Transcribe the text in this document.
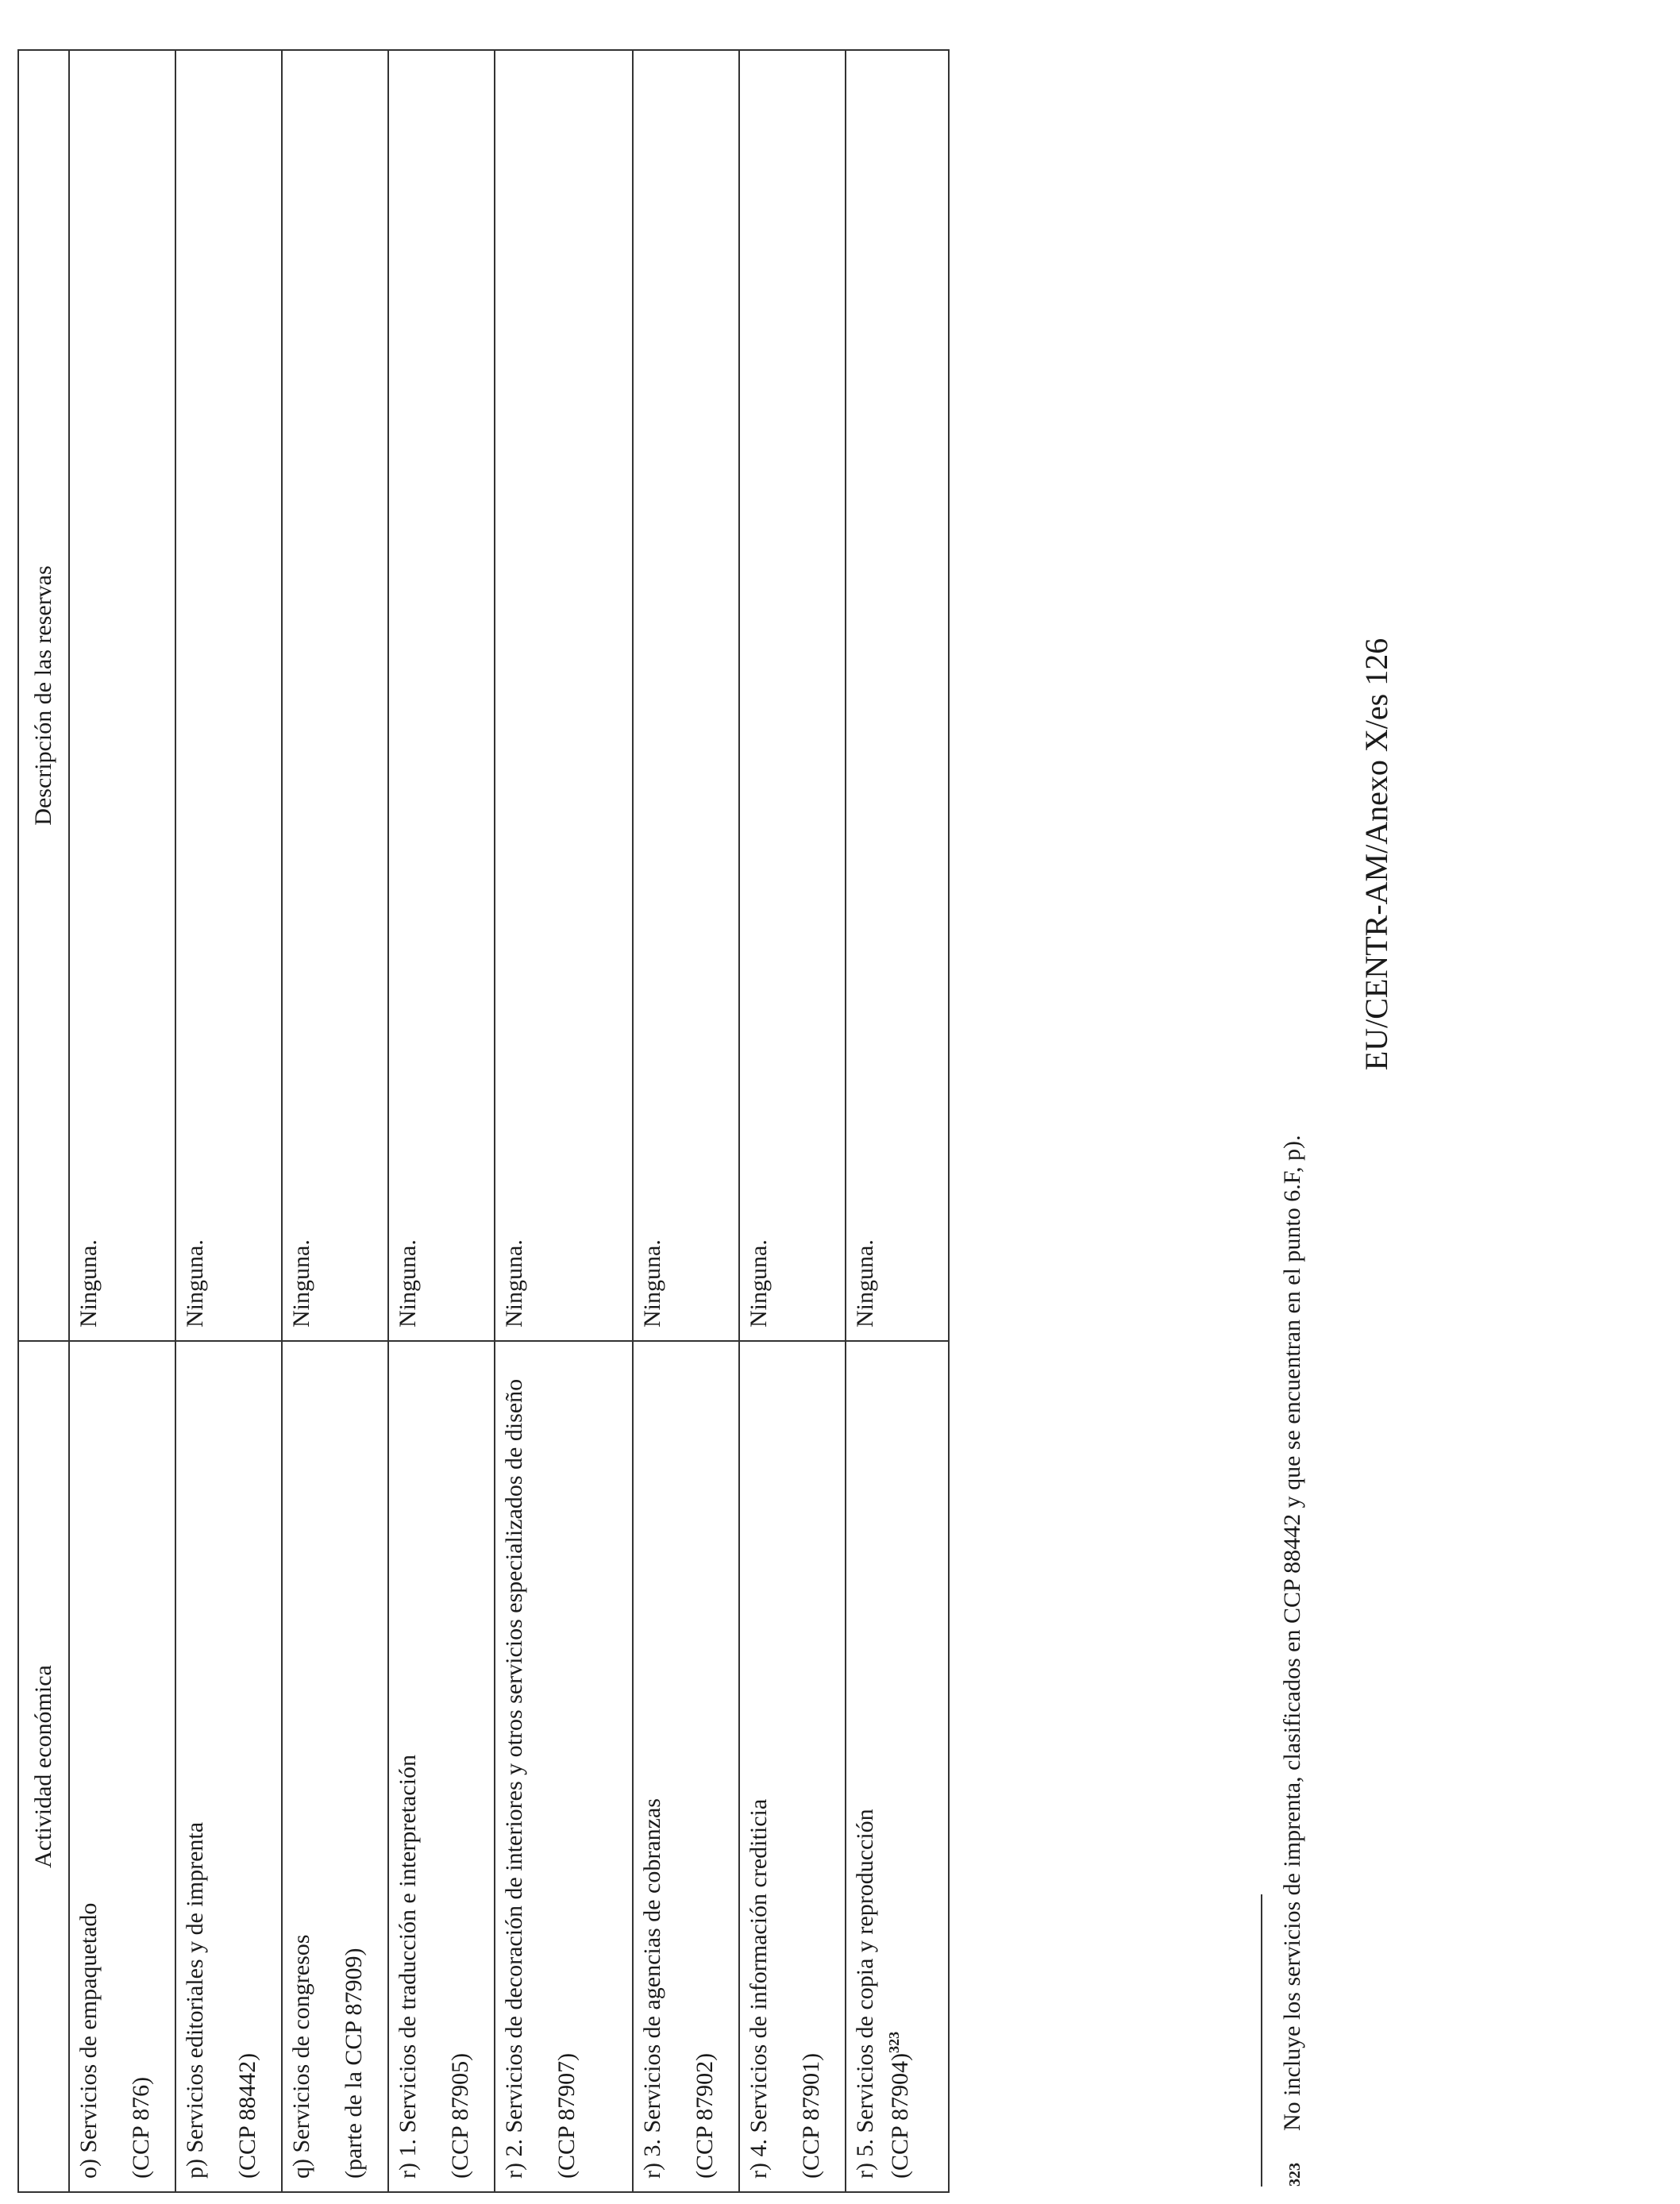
Actividad económica	Descripción de las reservas

o) Servicios de empaquetado (CCP 876)	Ninguna.

p) Servicios editoriales y de imprenta (CCP 88442)	Ninguna.

q) Servicios de congresos (parte de la CCP 87909)	Ninguna.

r) 1. Servicios de traducción e interpretación (CCP 87905)	Ninguna.

r) 2. Servicios de decoración de interiores y otros servicios especializados de diseño (CCP 87907)	Ninguna.

r) 3. Servicios de agencias de cobranzas (CCP 87902)	Ninguna.

r) 4. Servicios de información crediticia (CCP 87901)	Ninguna.

r) 5. Servicios de copia y reproducción (CCP 87904)$^{323}$	Ninguna.
323No incluye los servicios de imprenta, clasificados en CCP 88442 y que se encuentran en el punto 6.F, p).
EU/CENTR-AM/Anexo X/es 126
